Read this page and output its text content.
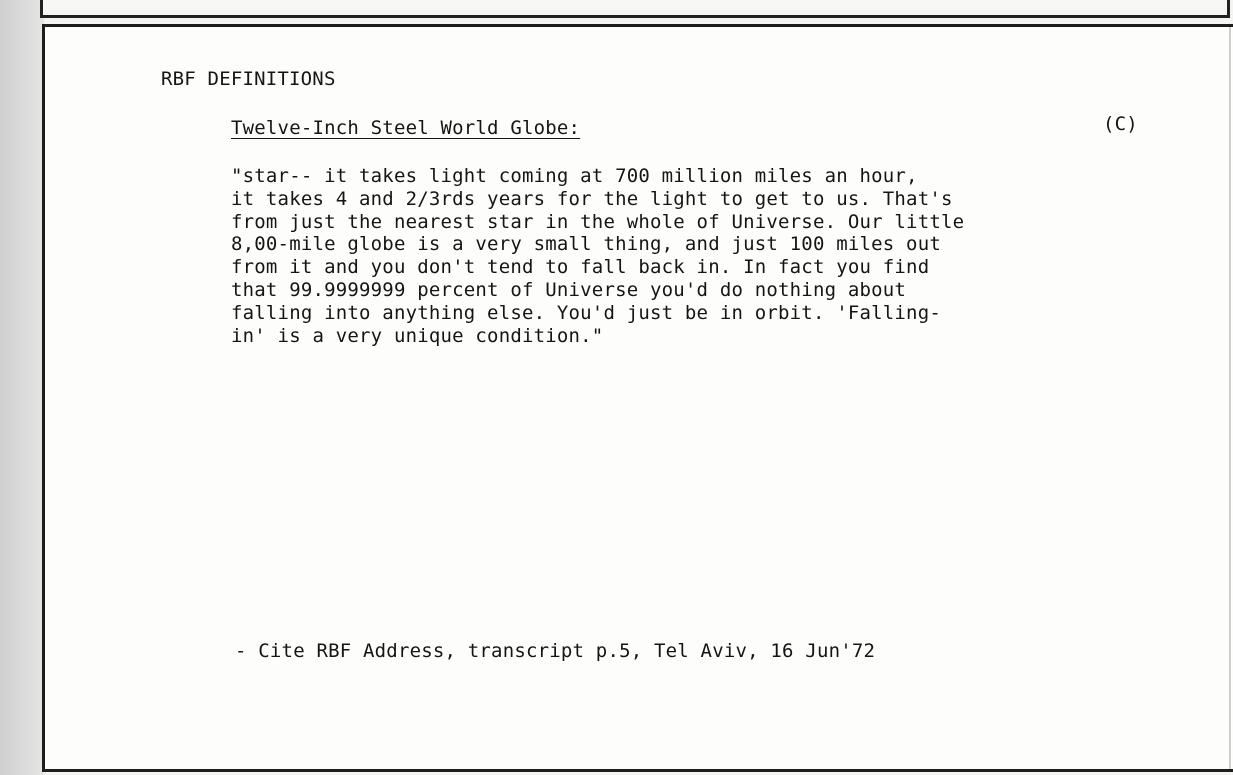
RBF DEFINITIONS
Twelve-Inch Steel World Globe:	(C)
"star-- it takes light coming at 700 million miles an hour,
it takes 4 and 2/3rds years for the light to get to us. That's
from just the nearest star in the whole of Universe. Our little
8,00-mile globe is a very small thing, and just 100 miles out
from it and you don't tend to fall back in. In fact you find
that 99.9999999 percent of Universe you'd do nothing about
falling into anything else. You'd just be in orbit. 'Falling-
in' is a very unique condition."
- Cite RBF Address, transcript p.5, Tel Aviv, 16 Jun'72
